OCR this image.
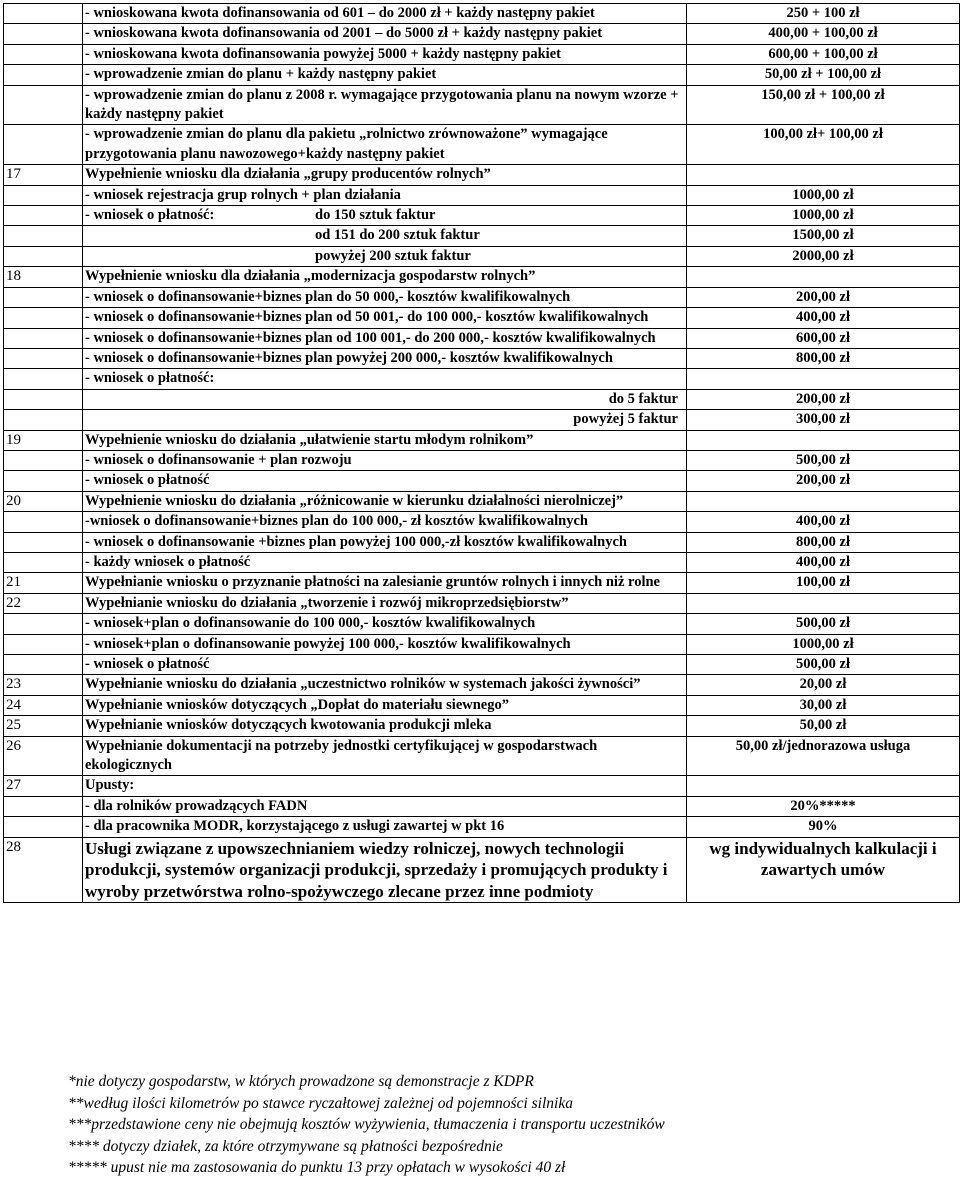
	- wnioskowana kwota dofinansowania od 601 – do 2000 zł + każdy następny pakiet	250 + 100 zł
	- wnioskowana kwota dofinansowania od 2001 – do 5000 zł + każdy następny pakiet	400,00 + 100,00 zł
	- wnioskowana kwota dofinansowania powyżej 5000 + każdy następny pakiet	600,00 + 100,00 zł
	- wprowadzenie zmian do planu + każdy następny pakiet	50,00 zł + 100,00 zł
	- wprowadzenie zmian do planu z 2008 r. wymagające przygotowania planu na nowym wzorze + każdy następny pakiet	150,00 zł + 100,00 zł
	- wprowadzenie zmian do planu dla pakietu „rolnictwo zrównoważone” wymagające przygotowania planu nawozowego+każdy następny pakiet	100,00 zł+ 100,00 zł
17	Wypełnienie wniosku dla działania „grupy producentów rolnych”	
	- wniosek rejestracja grup rolnych + plan działania	1000,00 zł

	- wniosek o płatność: do 150 sztuk faktur	1000,00 zł

	od 151 do 200 sztuk faktur	1500,00 zł

	powyżej 200 sztuk faktur	2000,00 zł
18	Wypełnienie wniosku dla działania „modernizacja gospodarstw rolnych”	
	- wniosek o dofinansowanie+biznes plan do 50 000,- kosztów kwalifikowalnych	200,00 zł
	- wniosek o dofinansowanie+biznes plan od 50 001,- do 100 000,- kosztów kwalifikowalnych	400,00 zł
	- wniosek o dofinansowanie+biznes plan od 100 001,- do 200 000,- kosztów kwalifikowalnych	600,00 zł
	- wniosek o dofinansowanie+biznes plan powyżej 200 000,- kosztów kwalifikowalnych	800,00 zł
	- wniosek o płatność:	

	do 5 faktur	200,00 zł

	powyżej 5 faktur	300,00 zł
19	Wypełnienie wniosku do działania „ułatwienie startu młodym rolnikom”	
	- wniosek o dofinansowanie + plan rozwoju	500,00 zł
	- wniosek o płatność	200,00 zł
20	Wypełnienie wniosku do działania „różnicowanie w kierunku działalności nierolniczej”	
	-wniosek o dofinansowanie+biznes plan do 100 000,- zł kosztów kwalifikowalnych	400,00 zł
	- wniosek o dofinansowanie +biznes plan powyżej 100 000,-zł kosztów kwalifikowalnych	800,00 zł
	- każdy wniosek o płatność	400,00 zł
21	Wypełnianie wniosku o przyznanie płatności na zalesianie gruntów rolnych i innych niż rolne	100,00 zł
22	Wypełnianie wniosku do działania „tworzenie i rozwój mikroprzedsiębiorstw”	
	- wniosek+plan o dofinansowanie do 100 000,- kosztów kwalifikowalnych	500,00 zł
	- wniosek+plan o dofinansowanie powyżej 100 000,- kosztów kwalifikowalnych	1000,00 zł
	- wniosek o płatność	500,00 zł
23	Wypełnianie wniosku do działania „uczestnictwo rolników w systemach jakości żywności”	20,00 zł
24	Wypełnianie wniosków dotyczących „Dopłat do materiału siewnego”	30,00 zł
25	Wypełnianie wniosków dotyczących kwotowania produkcji mleka	50,00 zł
26	Wypełnianie dokumentacji na potrzeby jednostki certyfikującej w gospodarstwach ekologicznych	50,00 zł/jednorazowa usługa
27	Upusty:	
	- dla rolników prowadzących FADN	20%*****
	- dla pracownika MODR, korzystającego z usługi zawartej w pkt 16	90%
28	Usługi związane z upowszechnianiem wiedzy rolniczej, nowych technologii produkcji, systemów organizacji produkcji, sprzedaży i promujących produkty i wyroby przetwórstwa rolno-spożywczego zlecane przez inne podmioty	wg indywidualnych kalkulacji i zawartych umów
*nie dotyczy gospodarstw, w których prowadzone są demonstracje z KDPR
**według ilości kilometrów po stawce ryczałtowej zależnej od pojemności silnika
***przedstawione ceny nie obejmują kosztów wyżywienia, tłumaczenia i transportu uczestników
**** dotyczy działek, za które otrzymywane są płatności bezpośrednie
***** upust nie ma zastosowania do punktu 13 przy opłatach w wysokości 40 zł
